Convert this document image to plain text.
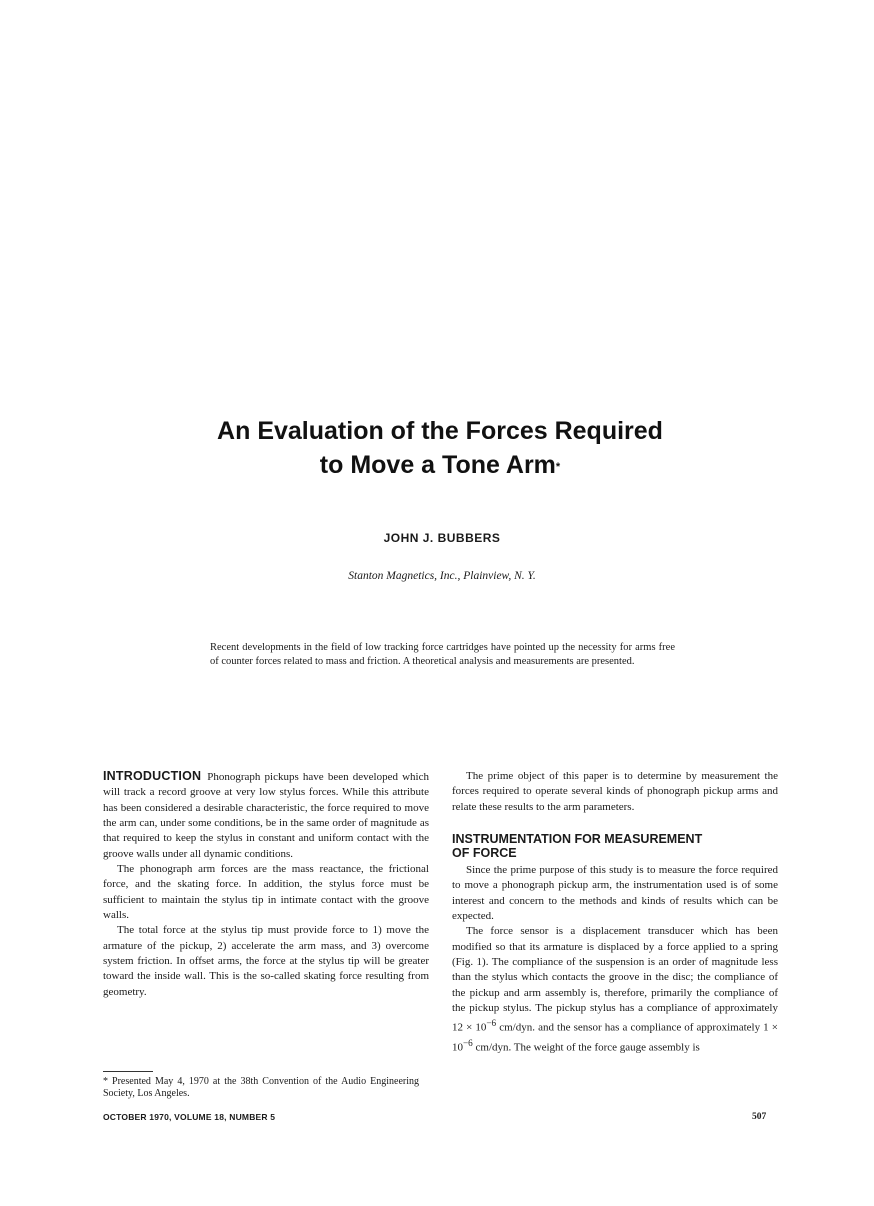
An Evaluation of the Forces Required
to Move a Tone Arm*
JOHN J. BUBBERS
Stanton Magnetics, Inc., Plainview, N. Y.
Recent developments in the field of low tracking force cartridges have pointed up the necessity for arms free of counter forces related to mass and friction. A theoretical analysis and measurements are presented.

INTRODUCTION Phonograph pickups have been developed which will track a record groove at very low stylus forces. While this attribute has been considered a desirable characteristic, the force required to move the arm can, under some conditions, be in the same order of magnitude as that required to keep the stylus in constant and uniform contact with the groove walls under all dynamic conditions.

The phonograph arm forces are the mass reactance, the frictional force, and the skating force. In addition, the stylus force must be sufficient to maintain the stylus tip in intimate contact with the groove walls.

The total force at the stylus tip must provide force to 1) move the armature of the pickup, 2) accelerate the arm mass, and 3) overcome system friction. In offset arms, the force at the stylus tip will be greater toward the inside wall. This is the so-called skating force resulting from geometry.

The prime object of this paper is to determine by measurement the forces required to operate several kinds of phonograph pickup arms and relate these results to the arm parameters.

INSTRUMENTATION FOR MEASUREMENT
OF FORCE

Since the prime purpose of this study is to measure the force required to move a phonograph pickup arm, the instrumentation used is of some interest and concern to the methods and kinds of results which can be expected.

The force sensor is a displacement transducer which has been modified so that its armature is displaced by a force applied to a spring (Fig. 1). The compliance of the suspension is an order of magnitude less than the stylus which contacts the groove in the disc; the compliance of the pickup and arm assembly is, therefore, primarily the compliance of the pickup stylus. The pickup stylus has a compliance of approximately $12 \times 10^{-6}$ cm/dyn. and the sensor has a compliance of approximately $1 \times 10^{-6}$ cm/dyn. The weight of the force gauge assembly is

* Presented May 4, 1970 at the 38th Convention of the Audio Engineering Society, Los Angeles.
OCTOBER 1970, VOLUME 18, NUMBER 5	507
